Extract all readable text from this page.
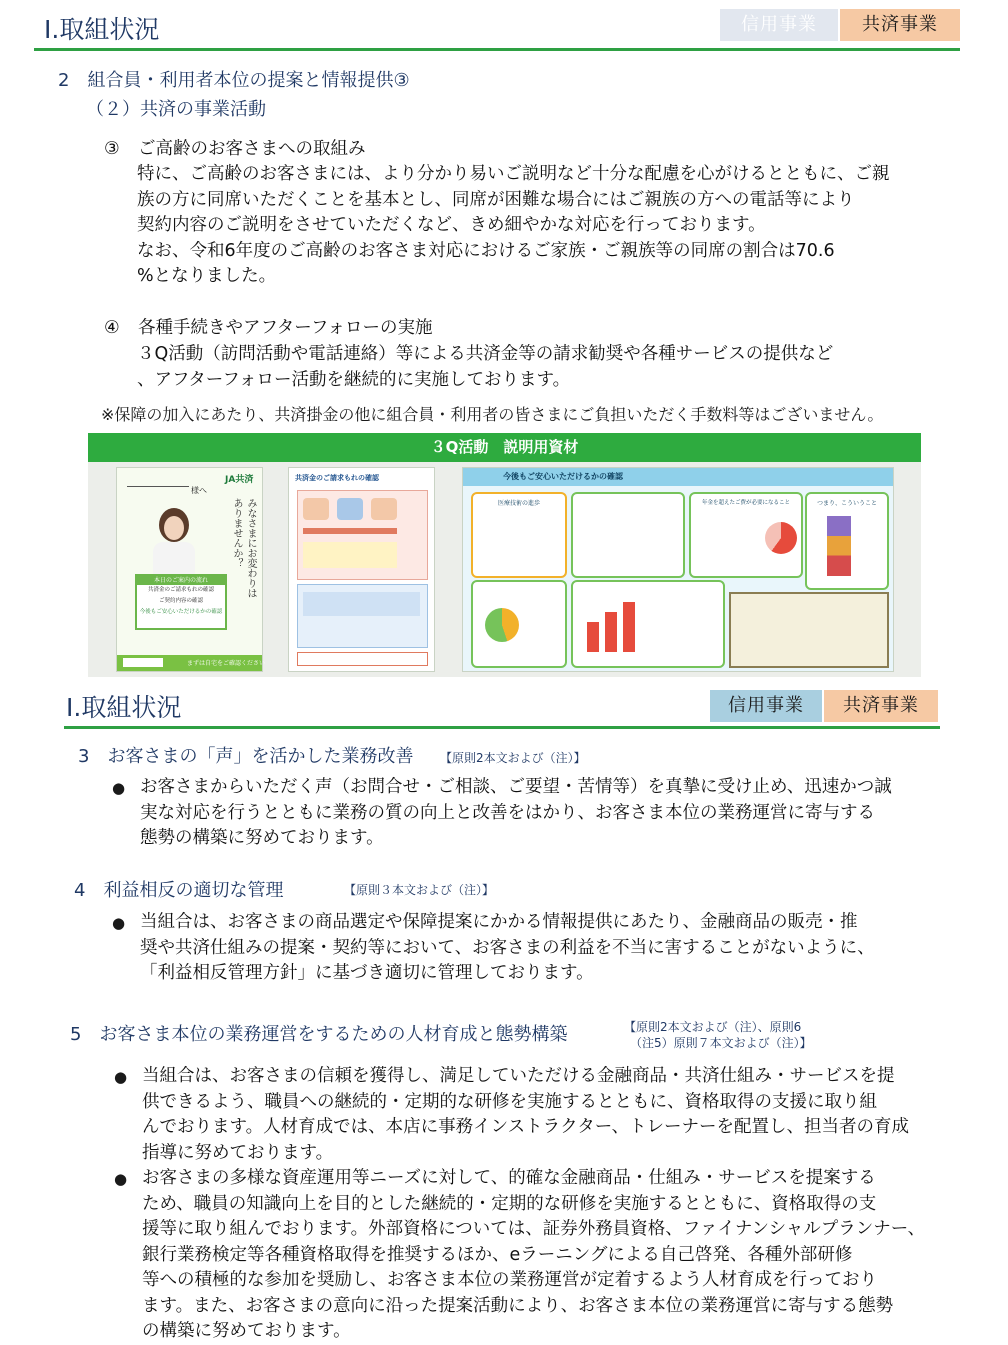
Ⅰ.取組状況	信用事業	共済事業
2　組合員・利用者本位の提案と情報提供③
（２）共済の事業活動
③ ご高齢のお客さまへの取組み
特に、ご高齢のお客さまには、より分かり易いご説明など十分な配慮を心がけるとともに、ご親
族の方に同席いただくことを基本とし、同席が困難な場合にはご親族の方への電話等により
契約内容のご説明をさせていただくなど、きめ細やかな対応を行っております。
なお、令和6年度のご高齢のお客さま対応におけるご家族・ご親族等の同席の割合は70.6
%となりました。
④ 各種手続きやアフターフォローの実施
３Q活動（訪問活動や電話連絡）等による共済金等の請求勧奨や各種サービスの提供など
、アフターフォロー活動を継続的に実施しております。
※保障の加入にあたり、共済掛金の他に組合員・利用者の皆さまにご負担いただく手数料等はございません。
３Q活動　説明用資材
JA共済
様へ
みなさまにお変わりは
ありませんか？
本日のご案内の流れ
共済金のご請求もれの確認
ご契約内容の確認
今後もご安心いただけるかの確認
まずは自宅をご確認ください
共済金のご請求もれの確認	今後もご安心いただけるかの確認
医療技術の進歩	年金を超えたご費が必要になること	つまり、こういうこと
Ⅰ.取組状況	信用事業	共済事業
3　お客さまの「声」を活かした業務改善 【原則2本文および（注）】
● お客さまからいただく声（お問合せ・ご相談、ご要望・苦情等）を真摯に受け止め、迅速かつ誠
実な対応を行うとともに業務の質の向上と改善をはかり、お客さま本位の業務運営に寄与する
態勢の構築に努めております。
4　利益相反の適切な管理	【原則３本文および（注）】
● 当組合は、お客さまの商品選定や保障提案にかかる情報提供にあたり、金融商品の販売・推
奨や共済仕組みの提案・契約等において、お客さまの利益を不当に害することがないように、
「利益相反管理方針」に基づき適切に管理しております。
5　お客さま本位の業務運営をするための人材育成と態勢構築	【原則2本文および（注）、原則6
（注5）原則７本文および（注）】
● 当組合は、お客さまの信頼を獲得し、満足していただける金融商品・共済仕組み・サービスを提
供できるよう、職員への継続的・定期的な研修を実施するとともに、資格取得の支援に取り組
んでおります。人材育成では、本店に事務インストラクター、トレーナーを配置し、担当者の育成
指導に努めております。
● お客さまの多様な資産運用等ニーズに対して、的確な金融商品・仕組み・サービスを提案する
ため、職員の知識向上を目的とした継続的・定期的な研修を実施するとともに、資格取得の支
援等に取り組んでおります。外部資格については、証券外務員資格、ファイナンシャルプランナー、
銀行業務検定等各種資格取得を推奨するほか、eラーニングによる自己啓発、各種外部研修
等への積極的な参加を奨励し、お客さま本位の業務運営が定着するよう人材育成を行っており
ます。また、お客さまの意向に沿った提案活動により、お客さま本位の業務運営に寄与する態勢
の構築に努めております。
